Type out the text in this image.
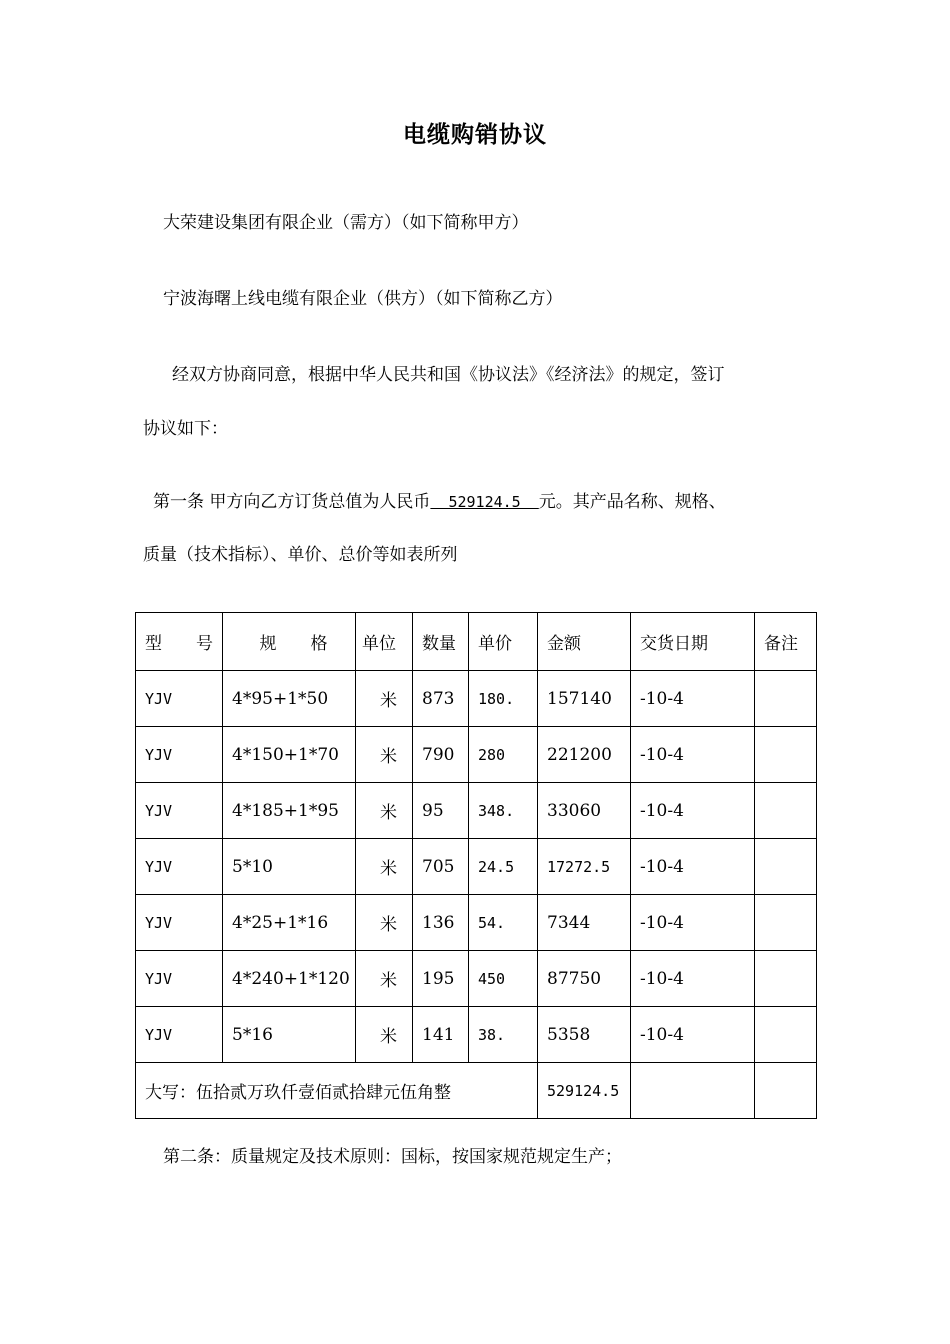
电缆购销协议
大荣建设集团有限企业（需方）（如下简称甲方）
宁波海曙上线电缆有限企业（供方）（如下简称乙方）
经双方协商同意，根据中华人民共和国《协议法》《经济法》的规定，签订
协议如下：
第一条 甲方向乙方订货总值为人民币  529124.5  元。其产品名称、规格、
质量（技术指标）、单价、总价等如表所列
型　　号	规　　格	单位	数量	单价	金额	交货日期	备注
YJV	4*95+1*50	米	873	180.	157140	-10-4	
YJV	4*150+1*70	米	790	280	221200	-10-4	
YJV	4*185+1*95	米	95	348.	33060	-10-4	
YJV	5*10	米	705	24.5	17272.5	-10-4	
YJV	4*25+1*16	米	136	54.	7344	-10-4	
YJV	4*240+1*120	米	195	450	87750	-10-4	
YJV	5*16	米	141	38.	5358	-10-4	
大写：伍拾贰万玖仟壹佰贰拾肆元伍角整					529124.5		
第二条：质量规定及技术原则：国标，按国家规范规定生产；
